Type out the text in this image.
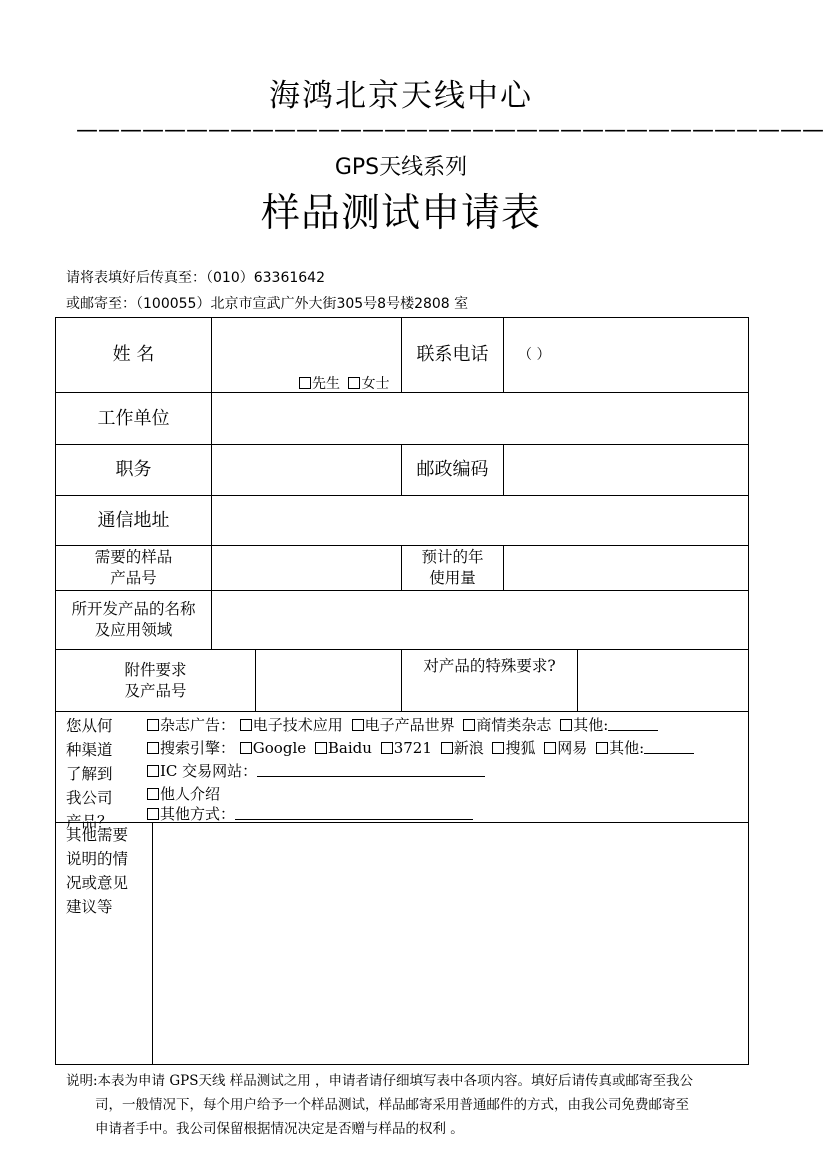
海鸿北京天线中心
——————————————————————————————————
GPS天线系列
样品测试申请表
请将表填好后传真至：（010）63361642
或邮寄至：（100055）北京市宣武广外大街305号8号楼2808 室
姓 名
先生 女士
联系电话	（ ）
工作单位
职务	邮政编码
通信地址
需要的样品
产品号
预计的年
使用量
所开发产品的名称
及应用领域
附件要求
及产品号
对产品的特殊要求?
您从何
种渠道
了解到
我公司
产品？
杂志广告： 电子技术应用 电子产品世界 商情类杂志 其他:
搜索引擎： Google Baidu 3721 新浪 搜狐 网易 其他:
IC 交易网站：
他人介绍
其他方式：
其他需要
说明的情
况或意见
建议等
说明:本表为申请 GPS天线 样品测试之用 ，申请者请仔细填写表中各项内容。填好后请传真或邮寄至我公
司，一般情况下，每个用户给予一个样品测试，样品邮寄采用普通邮件的方式，由我公司免费邮寄至
申请者手中。我公司保留根据情况决定是否赠与样品的权利 。
